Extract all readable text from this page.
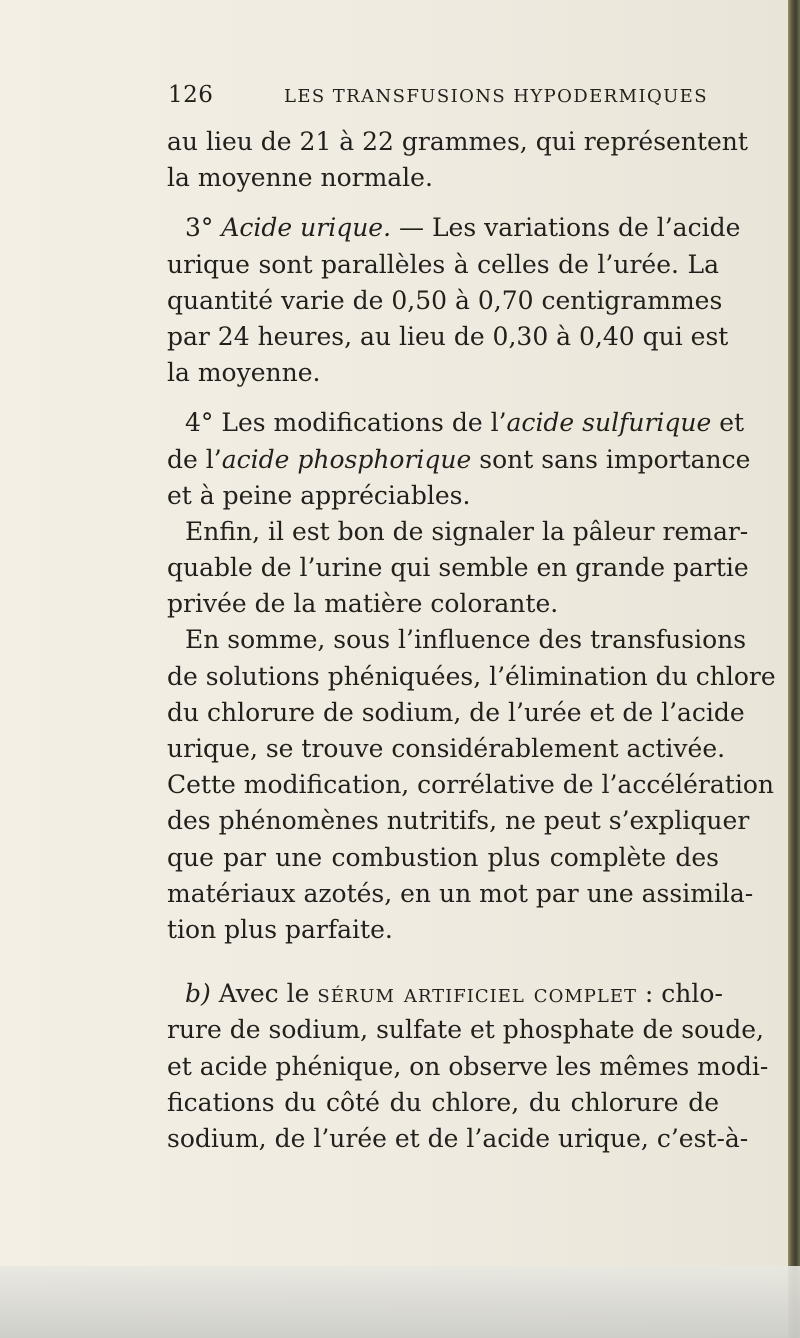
126	LES TRANSFUSIONS HYPODERMIQUES
au lieu de 21 à 22 grammes, qui représentent
la moyenne normale.
3° Acide urique. — Les variations de l’acide
urique sont parallèles à celles de l’urée. La
quantité varie de 0,50 à 0,70 centigrammes
par 24 heures, au lieu de 0,30 à 0,40 qui est
la moyenne.
4° Les modifications de l’acide sulfurique et
de l’acide phosphorique sont sans importance
et à peine appréciables.
Enfin, il est bon de signaler la pâleur remar-
quable de l’urine qui semble en grande partie
privée de la matière colorante.
En somme, sous l’influence des transfusions
de solutions phéniquées, l’élimination du chlore
du chlorure de sodium, de l’urée et de l’acide
urique, se trouve considérablement activée.
Cette modification, corrélative de l’accélération
des phénomènes nutritifs, ne peut s’expliquer
que par une combustion plus complète des
matériaux azotés, en un mot par une assimila-
tion plus parfaite.
b) Avec le sérum artificiel complet : chlo-
rure de sodium, sulfate et phosphate de soude,
et acide phénique, on observe les mêmes modi-
fications du côté du chlore, du chlorure de
sodium, de l’urée et de l’acide urique, c’est-à-
